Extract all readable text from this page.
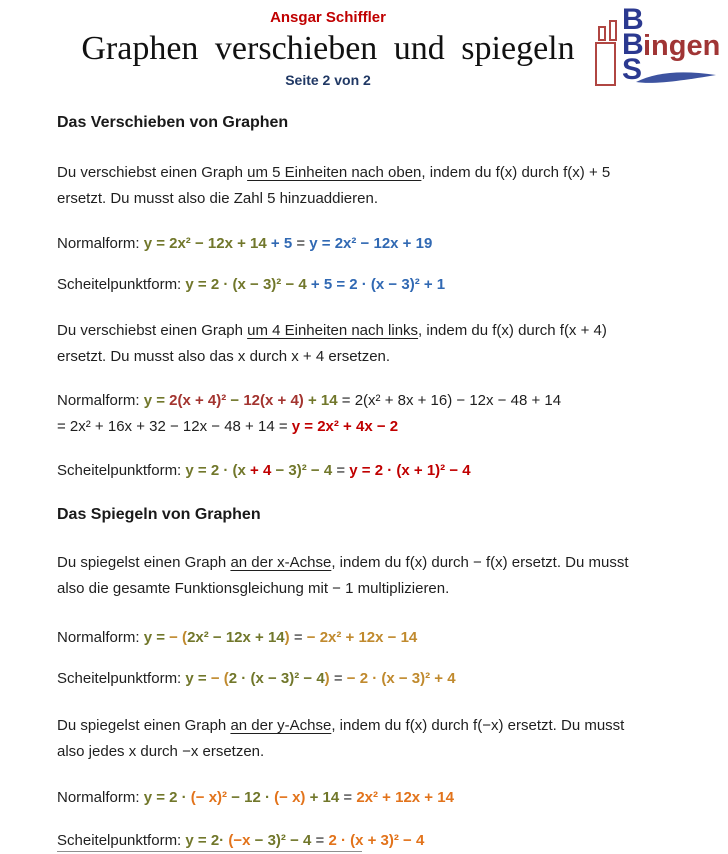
Ansgar Schiffler
Graphen verschieben und spiegeln
Seite 2 von 2
B
B
S
ingen
Das Verschieben von Graphen

Du verschiebst einen Graph um 5 Einheiten nach oben, indem du f(x) durch f(x) + 5
ersetzt. Du musst also die Zahl 5 hinzuaddieren.

Normalform: y = 2x² − 12x + 14 + 5 = y = 2x² − 12x + 19
Scheitelpunktform: y = 2 · (x − 3)² − 4 + 5 = 2 · (x − 3)² + 1

Du verschiebst einen Graph um 4 Einheiten nach links, indem du f(x) durch f(x + 4)
ersetzt. Du musst also das x durch x + 4 ersetzen.

Normalform: y = 2(x + 4)² − 12(x + 4) + 14 = 2(x² + 8x + 16) − 12x − 48 + 14
= 2x² + 16x + 32 − 12x − 48 + 14 = y = 2x² + 4x − 2
Scheitelpunktform: y = 2 · (x + 4 − 3)² − 4 = y = 2 · (x + 1)² − 4
Das Spiegeln von Graphen

Du spiegelst einen Graph an der x-Achse, indem du f(x) durch − f(x) ersetzt. Du musst
also die gesamte Funktionsgleichung mit − 1 multiplizieren.

Normalform: y = − (2x² − 12x + 14) = − 2x² + 12x − 14
Scheitelpunktform: y = − (2 · (x − 3)² − 4) = − 2 · (x − 3)² + 4

Du spiegelst einen Graph an der y-Achse, indem du f(x) durch f(−x) ersetzt. Du musst
also jedes x durch −x ersetzen.

Normalform: y = 2 · (− x)² − 12 · (− x) + 14 = 2x² + 12x + 14
Scheitelpunktform: y = 2· (−x − 3)² − 4 = 2 · (x + 3)² − 4
